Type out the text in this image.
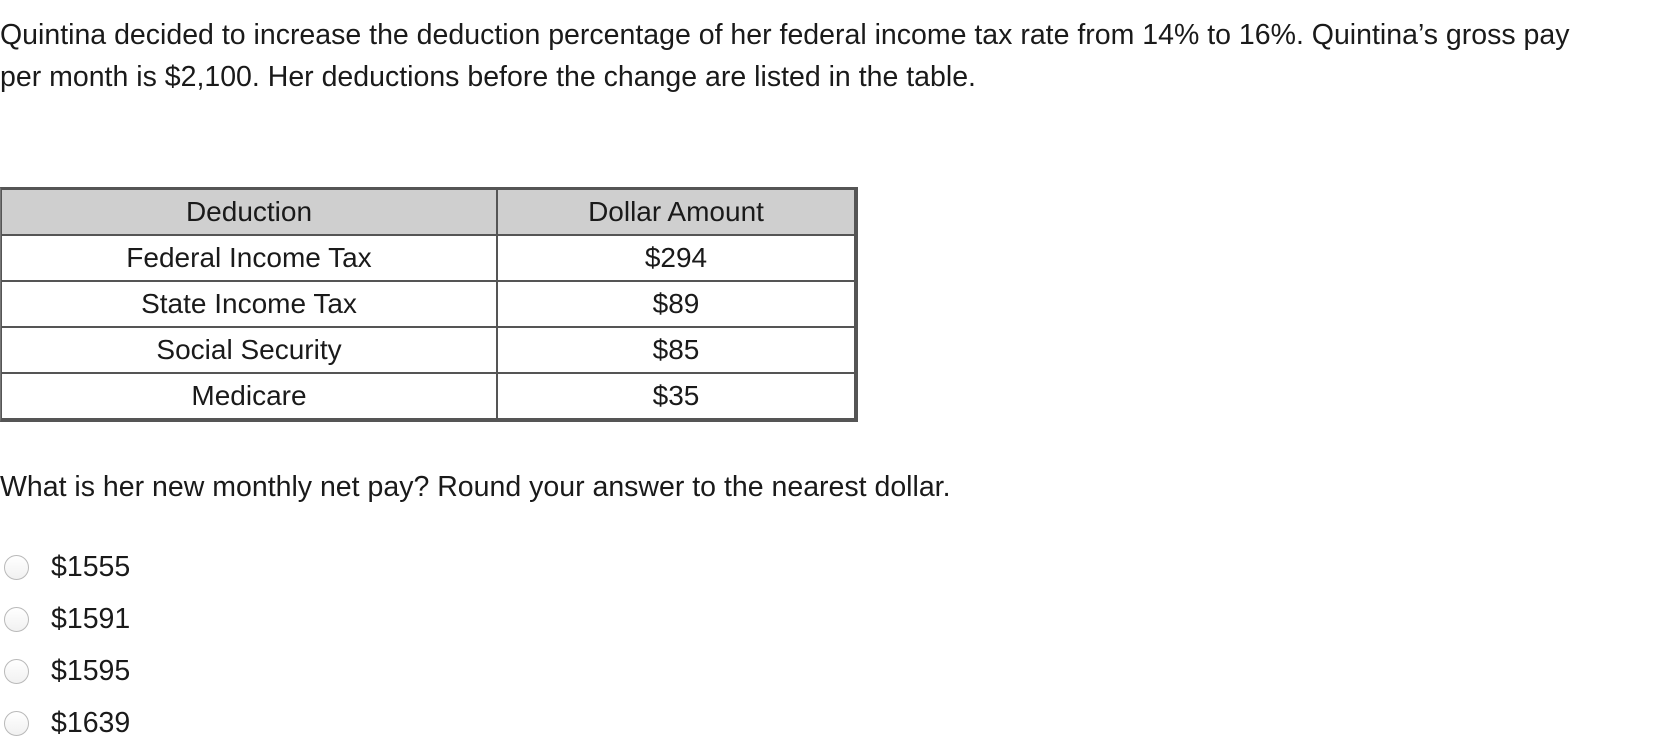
Quintina decided to increase the deduction percentage of her federal income tax rate from 14% to 16%. Quintina’s gross pay
per month is $2,100. Her deductions before the change are listed in the table.

Deduction	Dollar Amount
Federal Income Tax	$294
State Income Tax	$89
Social Security	$85
Medicare	$35

What is her new monthly net pay? Round your answer to the nearest dollar.

$1555
$1591
$1595
$1639
